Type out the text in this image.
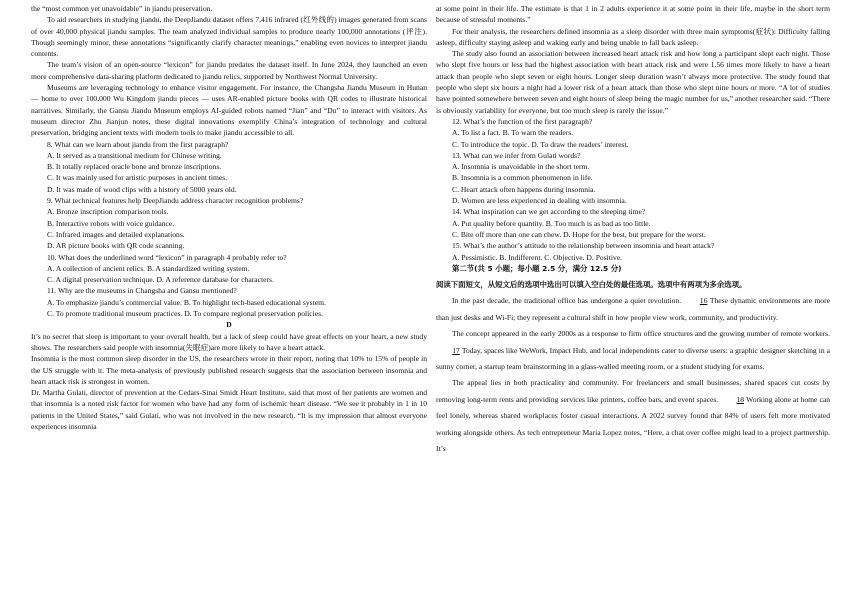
the “most common yet unavoidable” in jiandu preservation.

To aid researchers in studying jiandu, the DeepJiandu dataset offers 7,416 infrared (红外线的) images generated from scans of over 40,000 physical jiandu samples. The team analyzed individual samples to produce nearly 100,000 annotations (评注). Though seemingly minor, these annotations “significantly clarify character meanings,” enabling even novices to interpret jiandu contents.

The team’s vision of an open-source “lexicon” for jiandu predates the dataset itself. In June 2024, they launched an even more comprehensive data-sharing platform dedicated to jiandu relics, supported by Northwest Normal University.

Museums are leveraging technology to enhance visitor engagement. For instance, the Changsha Jiandu Museum in Hunan — home to over 100,000 Wu Kingdom jiandu pieces — uses AR-enabled picture books with QR codes to illustrate historical narratives. Similarly, the Gansu Jiandu Museum employs AI-guided robots named “Jian” and “Du” to interact with visitors. As museum director Zhu Jianjun notes, these digital innovations exemplify China’s integration of technology and cultural preservation, bridging ancient texts with modern tools to make jiandu accessible to all.

8. What can we learn about jiandu from the first paragraph?

A. It served as a transitional medium for Chinese writing.

B. It totally replaced oracle bone and bronze inscriptions.

C. It was mainly used for artistic purposes in ancient times.

D. It was made of wood clips with a history of 5000 years old.

9. What technical features help DeepJiandu address character recognition problems?

A. Bronze inscription comparison tools.

B. Interactive robots with voice guidance.

C. Infrared images and detailed explanations.

D. AR picture books with QR code scanning.

10. What does the underlined word “lexicon” in paragraph 4 probably refer to?

A. A collection of ancient relics. B. A standardized writing system.

C. A digital preservation technique. D. A reference database for characters.

11. Why are the museums in Changsha and Gansu mentioned?

A. To emphasize jiandu’s commercial value. B. To highlight tech-based educational system.

C. To promote traditional museum practices. D. To compare regional preservation policies.

D

It’s no secret that sleep is important to your overall health, but a lack of sleep could have great effects on your heart, a new study shows. The researchers said people with insomnia(失眠症)are more likely to have a heart attack.

Insomnia is the most common sleep disorder in the US, the researchers wrote in their report, noting that 10% to 15% of people in the US struggle with it. The meta-analysis of previously published research suggests that the association between insomnia and heart attack risk is strongest in women.

Dr. Martha Gulati, director of prevention at the Cedars-Sinai Smidt Heart Institute, said that most of her patients are women and that insomnia is a noted risk factor for women who have had any form of ischemic heart disease. “We see it probably in 1 in 10 patients in the United States,” said Gulati, who was not involved in the new research. “It is my impression that almost everyone experiences insomnia

at some point in their life. The estimate is that 1 in 2 adults experience it at some point in their life, maybe in the short term because of stressful moments.”

For their analysis, the researchers defined insomnia as a sleep disorder with three main symptoms(症状): Difficulty falling asleep, difficulty staying asleep and waking early and being unable to fall back asleep.

The study also found an association between increased heart attack risk and how long a participant slept each night. Those who slept five hours or less had the highest association with heart attack risk and were 1.56 times more likely to have a heart attack than people who slept seven or eight hours. Longer sleep duration wasn’t always more protective. The study found that people who slept six hours a night had a lower risk of a heart attack than those who slept nine hours or more. “A lot of studies have pointed somewhere between seven and eight hours of sleep being the magic number for us,” another researcher said. “There is obviously variability for everyone, but too much sleep is rarely the issue.”

12. What’s the function of the first paragraph?

A. To list a fact. B. To warn the readers.

C. To introduce the topic. D. To draw the readers’ interest.

13. What can we infer from Gulati words?

A. Insomnia is unavoidable in the short term.

B. Insomnia is a common phenomenon in life.

C. Heart attack often happens during insomnia.

D. Women are less experienced in dealing with insomnia.

14. What inspiration can we get according to the sleeping time?

A. Put quality before quantity. B. Too much is as bad as too little.

C. Bite off more than one can chew. D. Hope for the best, but prepare for the worst.

15. What’s the author’s attitude to the relationship between insomnia and heart attack?

A. Pessimistic. B. Indifferent. C. Objective. D. Positive.

第二节(共 5 小题；每小题 2.5 分，满分 12.5 分)

阅读下面短文，从短文后的选项中选出可以填入空白处的最佳选项。选项中有两项为多余选项。

In the past decade, the traditional office has undergone a quiet revolution. 16 These dynamic environments are more than just desks and Wi-Fi; they represent a cultural shift in how people view work, community, and productivity.

The concept appeared in the early 2000s as a response to firm office structures and the growing number of remote workers. 17 Today, spaces like WeWork, Impact Hub, and local independents cater to diverse users: a graphic designer sketching in a sunny corner, a startup team brainstorming in a glass-walled meeting room, or a student studying for exams.

The appeal lies in both practicality and community. For freelancers and small businesses, shared spaces cut costs by removing long-term rents and providing services like printers, coffee bars, and event spaces. 18 Working alone at home can feel lonely, whereas shared workplaces foster casual interactions. A 2022 survey found that 84% of users felt more motivated working alongside others. As tech entrepreneur Maria Lopez notes, “Here, a chat over coffee might lead to a project partnership. It’s
